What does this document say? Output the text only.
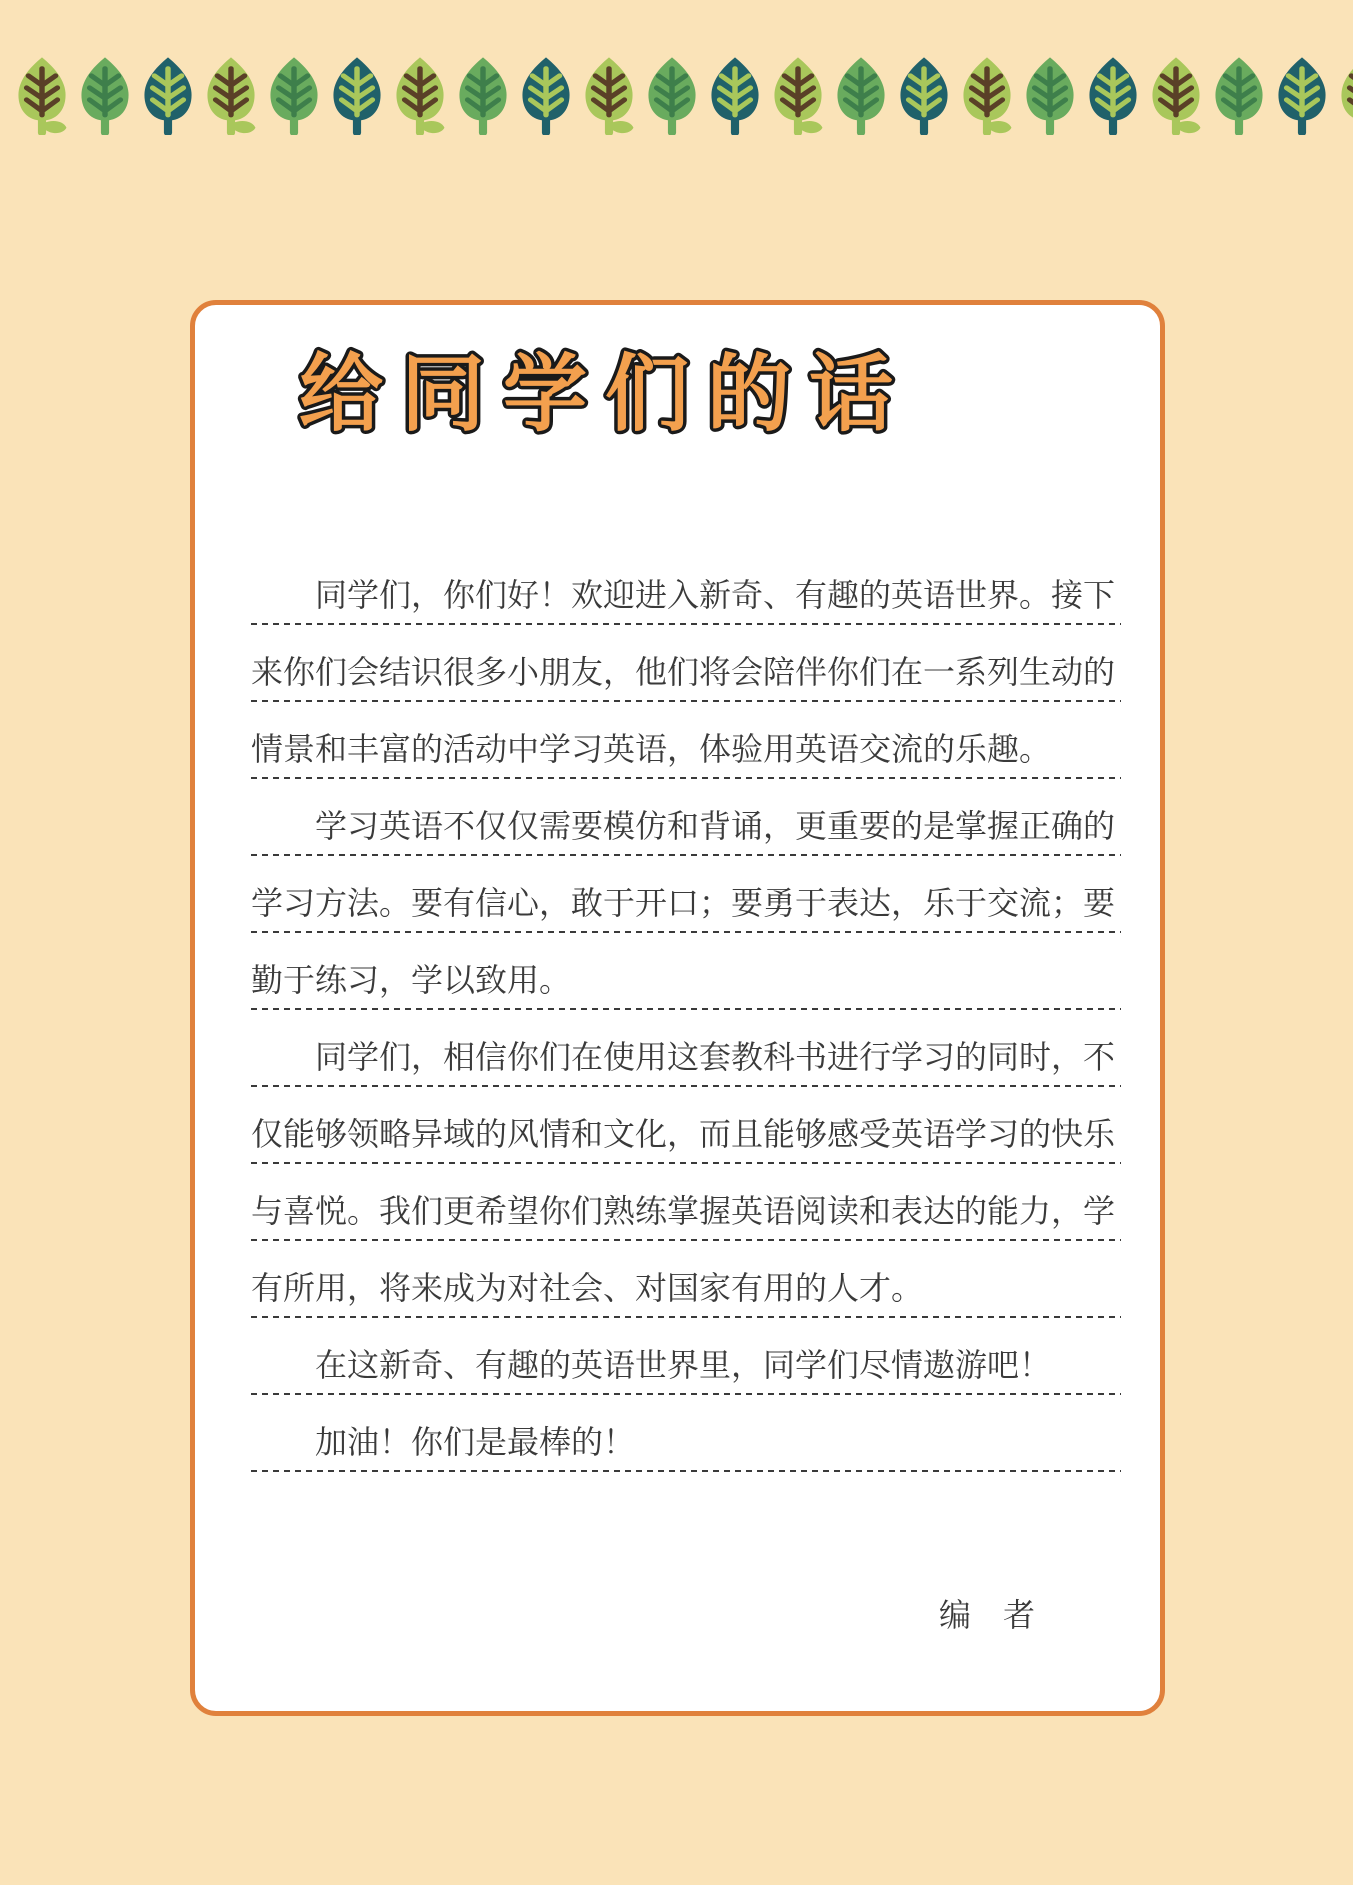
给同学们的话
同学们，你们好！欢迎进入新奇、有趣的英语世界。接下
来你们会结识很多小朋友，他们将会陪伴你们在一系列生动的
情景和丰富的活动中学习英语，体验用英语交流的乐趣。
学习英语不仅仅需要模仿和背诵，更重要的是掌握正确的
学习方法。要有信心，敢于开口；要勇于表达，乐于交流；要
勤于练习，学以致用。
同学们，相信你们在使用这套教科书进行学习的同时，不
仅能够领略异域的风情和文化，而且能够感受英语学习的快乐
与喜悦。我们更希望你们熟练掌握英语阅读和表达的能力，学
有所用，将来成为对社会、对国家有用的人才。
在这新奇、有趣的英语世界里，同学们尽情遨游吧！
加油！你们是最棒的！
编　者
